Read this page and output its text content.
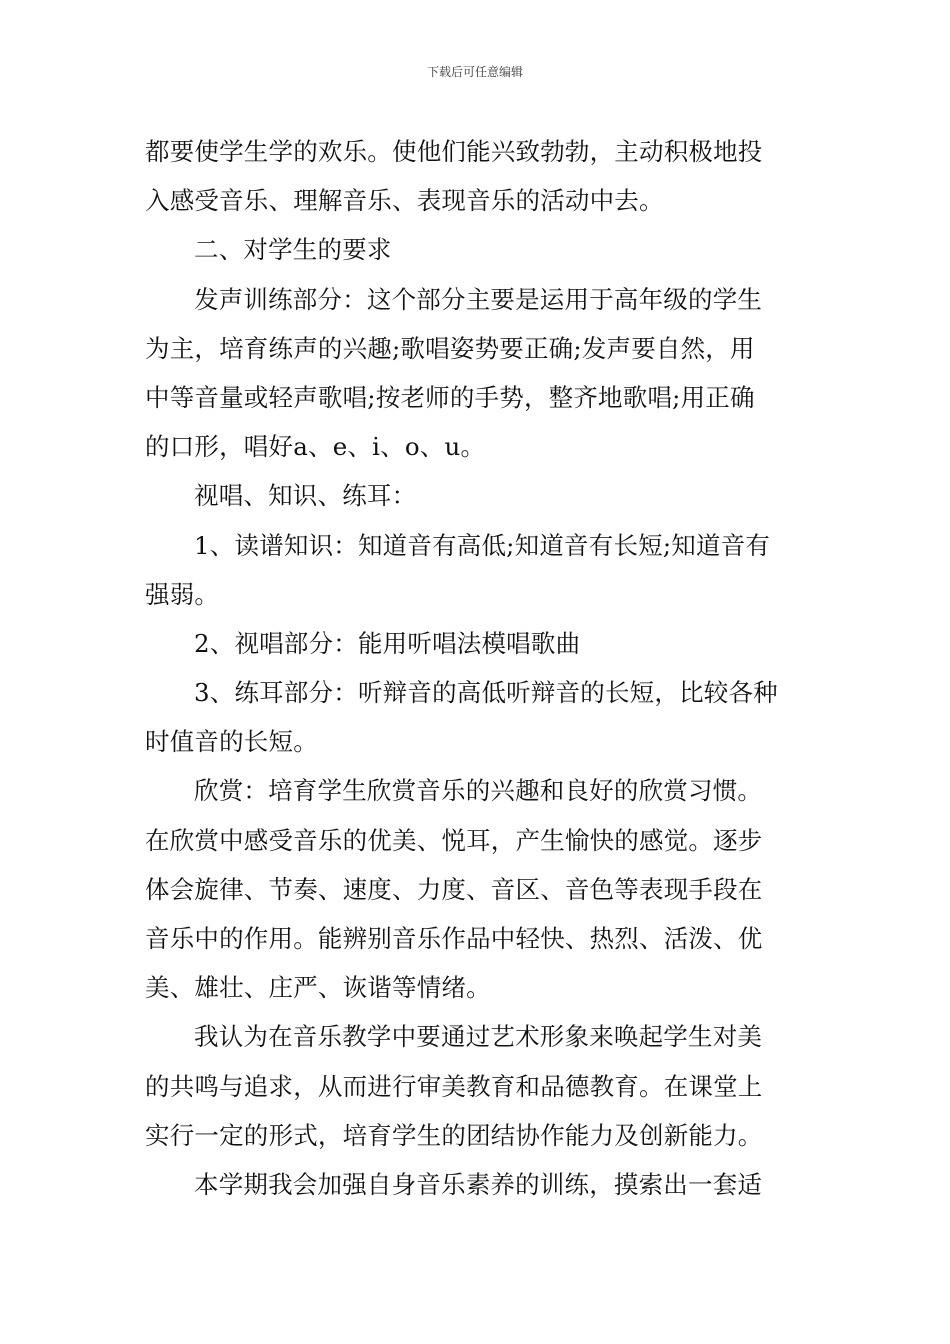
下载后可任意编辑
都要使学生学的欢乐。使他们能兴致勃勃，主动积极地投
入感受音乐、理解音乐、表现音乐的活动中去。
二、对学生的要求
发声训练部分：这个部分主要是运用于高年级的学生
为主，培育练声的兴趣;歌唱姿势要正确;发声要自然，用
中等音量或轻声歌唱;按老师的手势，整齐地歌唱;用正确
的口形，唱好a、e、i、o、u。
视唱、知识、练耳：
1、读谱知识：知道音有高低;知道音有长短;知道音有
强弱。
2、视唱部分：能用听唱法模唱歌曲
3、练耳部分：听辩音的高低听辩音的长短，比较各种
时值音的长短。
欣赏：培育学生欣赏音乐的兴趣和良好的欣赏习惯。
在欣赏中感受音乐的优美、悦耳，产生愉快的感觉。逐步
体会旋律、节奏、速度、力度、音区、音色等表现手段在
音乐中的作用。能辨别音乐作品中轻快、热烈、活泼、优
美、雄壮、庄严、诙谐等情绪。
我认为在音乐教学中要通过艺术形象来唤起学生对美
的共鸣与追求，从而进行审美教育和品德教育。在课堂上
实行一定的形式，培育学生的团结协作能力及创新能力。
本学期我会加强自身音乐素养的训练，摸索出一套适
